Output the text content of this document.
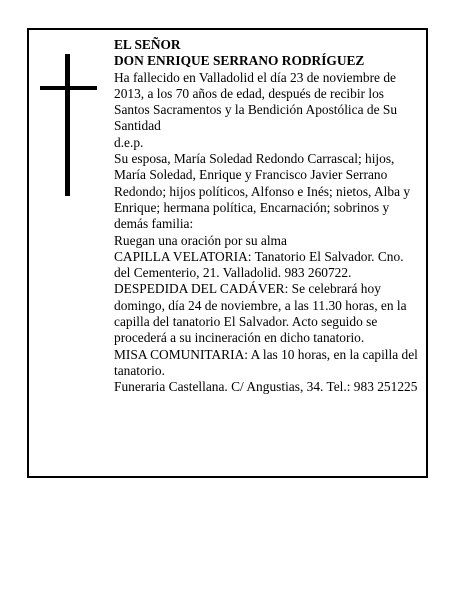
EL SEÑOR

DON ENRIQUE SERRANO RODRÍGUEZ

Ha fallecido en Valladolid el día 23 de noviembre de 2013, a los 70 años de edad, después de recibir los Santos Sacramentos y la Bendición Apostólica de Su Santidad

d.e.p.

Su esposa, María Soledad Redondo Carrascal; hijos, María Soledad, Enrique y Francisco Javier Serrano Redondo; hijos políticos, Alfonso e Inés; nietos, Alba y Enrique; hermana política, Encarnación; sobrinos y demás familia:

Ruegan una oración por su alma

CAPILLA VELATORIA: Tanatorio El Salvador. Cno. del Cementerio, 21. Valladolid. 983 260722.

DESPEDIDA DEL CADÁVER: Se celebrará hoy domingo, día 24 de noviembre, a las 11.30 horas, en la capilla del tanatorio El Salvador. Acto seguido se procederá a su incineración en dicho tanatorio.

MISA COMUNITARIA: A las 10 horas, en la capilla del tanatorio.

Funeraria Castellana. C/ Angustias, 34. Tel.: 983 251225
